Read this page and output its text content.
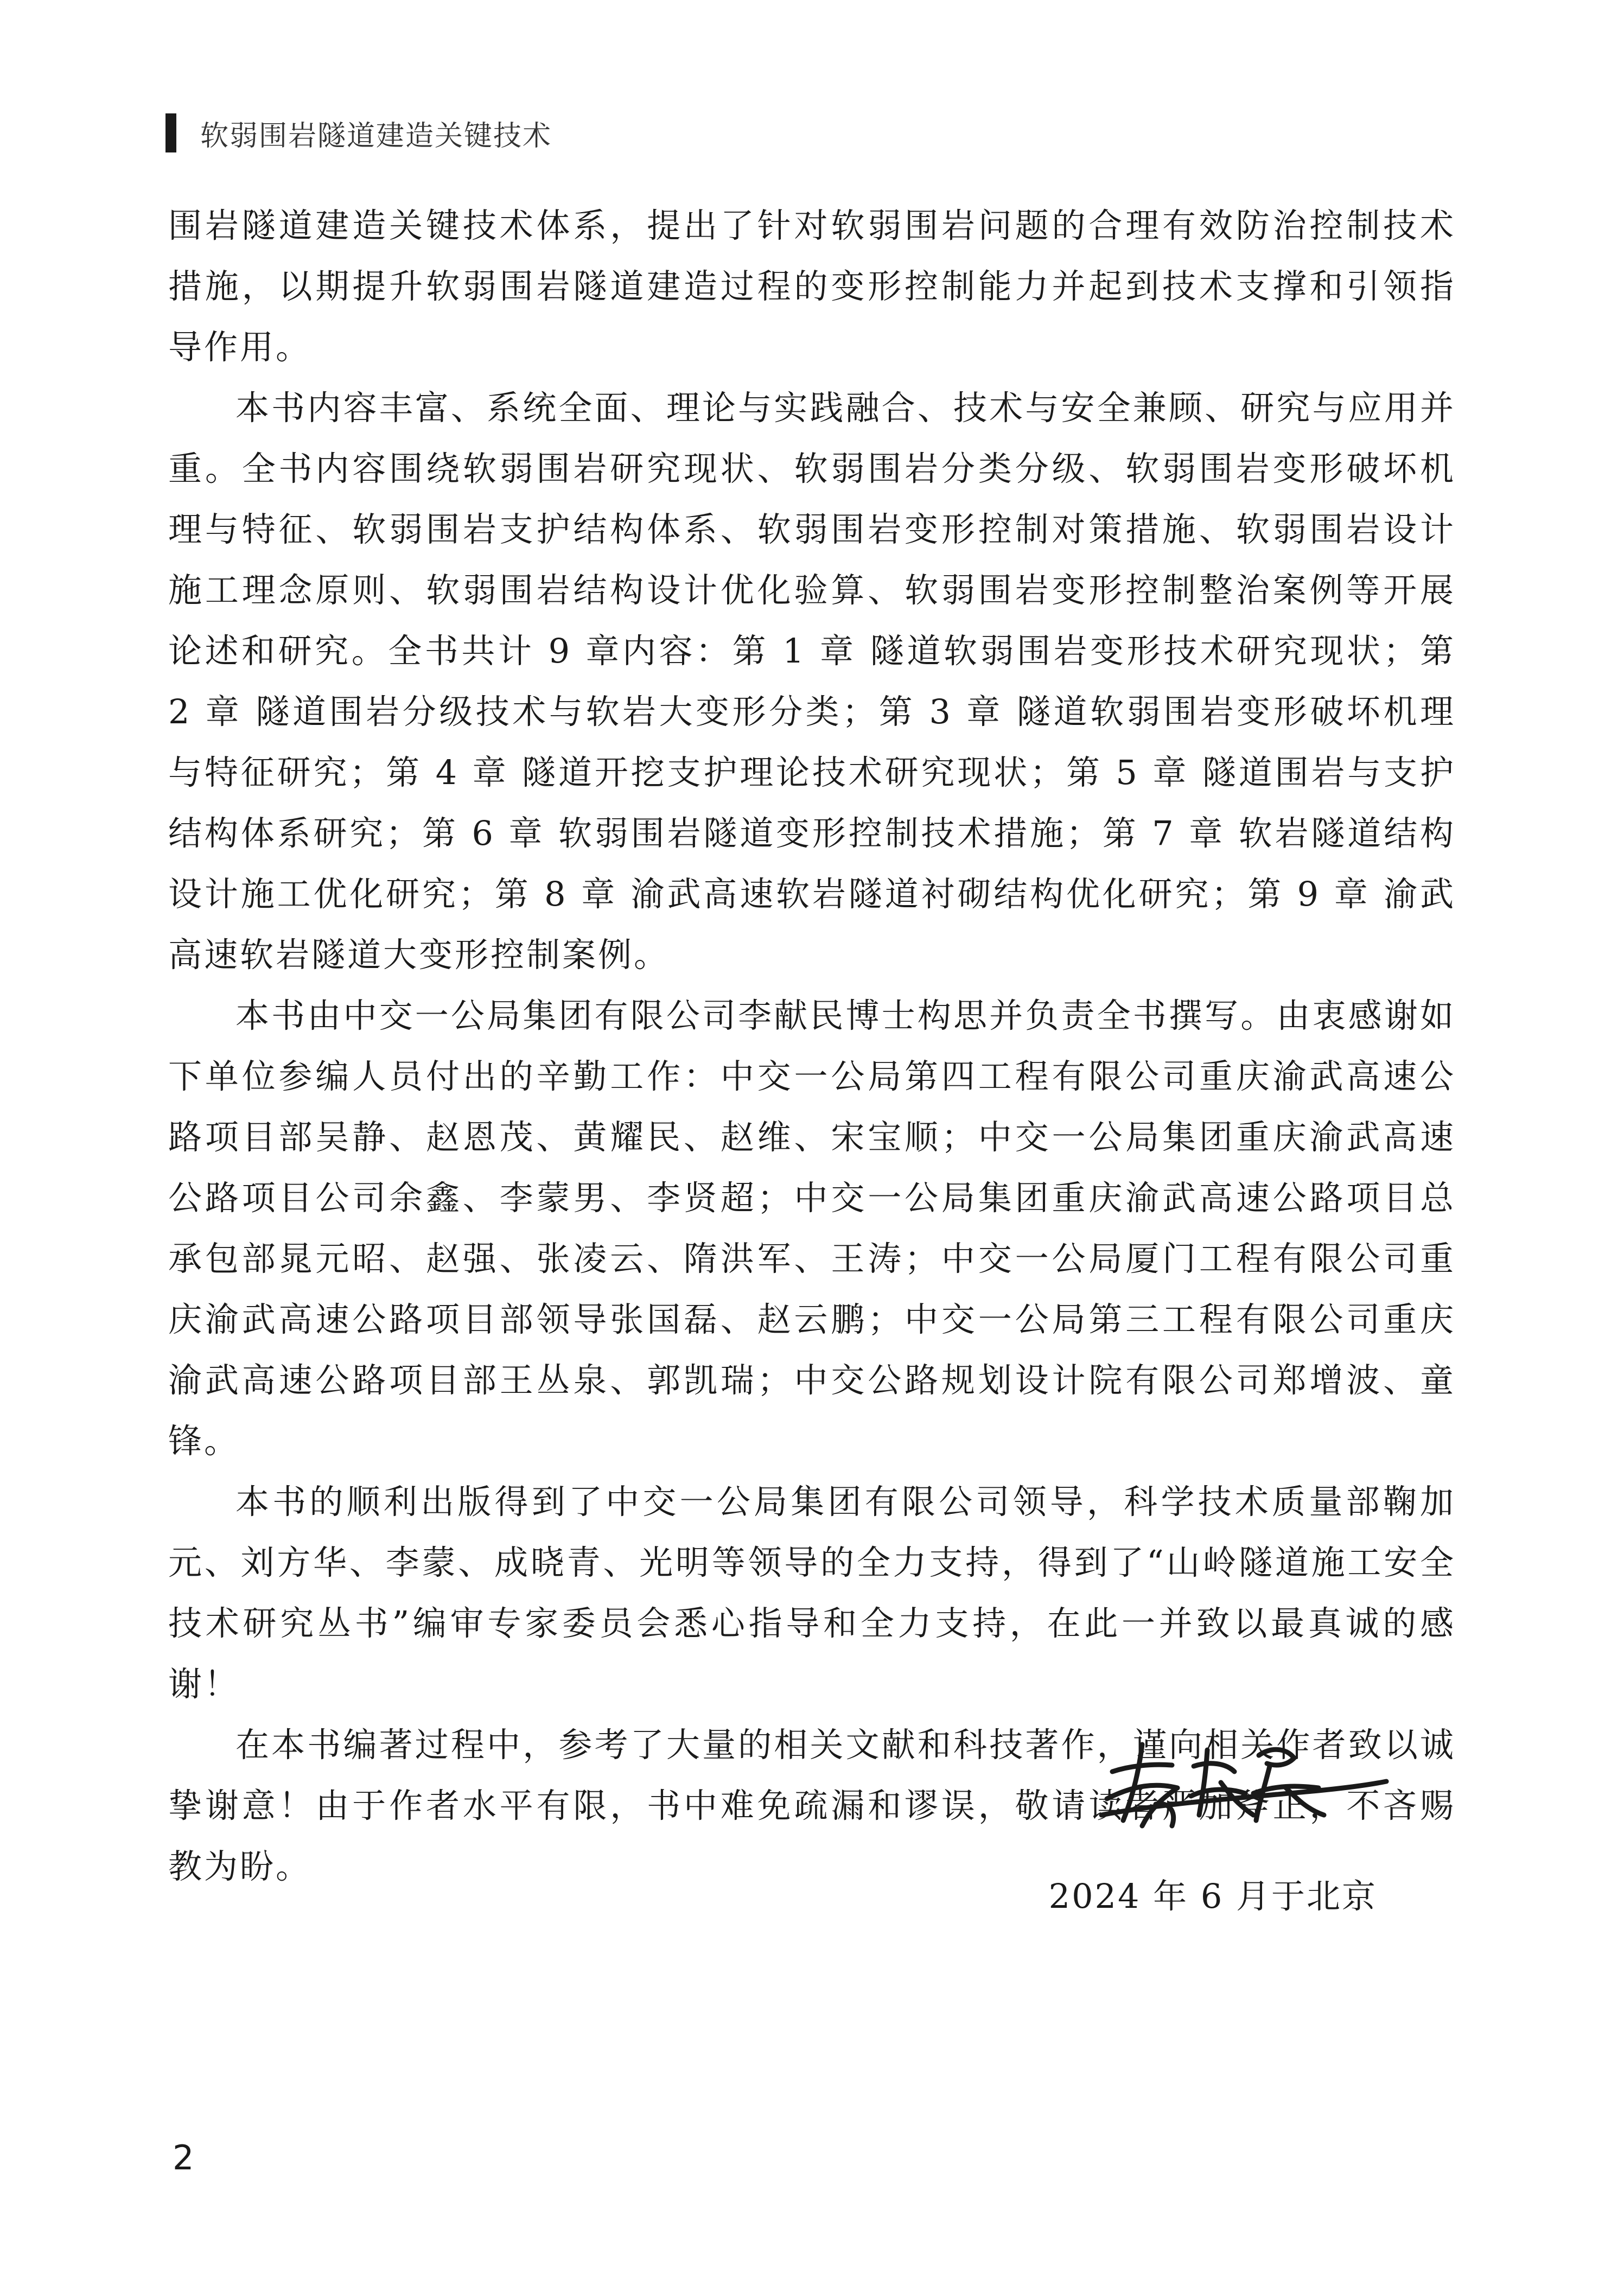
软弱围岩隧道建造关键技术

围岩隧道建造关键技术体系，提出了针对软弱围岩问题的合理有效防治控制技术措施，以期提升软弱围岩隧道建造过程的变形控制能力并起到技术支撑和引领指导作用。

本书内容丰富、系统全面、理论与实践融合、技术与安全兼顾、研究与应用并重。全书内容围绕软弱围岩研究现状、软弱围岩分类分级、软弱围岩变形破坏机理与特征、软弱围岩支护结构体系、软弱围岩变形控制对策措施、软弱围岩设计施工理念原则、软弱围岩结构设计优化验算、软弱围岩变形控制整治案例等开展论述和研究。全书共计 9 章内容：第 1 章 隧道软弱围岩变形技术研究现状；第 2 章 隧道围岩分级技术与软岩大变形分类；第 3 章 隧道软弱围岩变形破坏机理与特征研究；第 4 章 隧道开挖支护理论技术研究现状；第 5 章 隧道围岩与支护结构体系研究；第 6 章 软弱围岩隧道变形控制技术措施；第 7 章 软岩隧道结构设计施工优化研究；第 8 章 渝武高速软岩隧道衬砌结构优化研究；第 9 章 渝武高速软岩隧道大变形控制案例。

本书由中交一公局集团有限公司李献民博士构思并负责全书撰写。由衷感谢如下单位参编人员付出的辛勤工作：中交一公局第四工程有限公司重庆渝武高速公路项目部吴静、赵恩茂、黄耀民、赵维、宋宝顺；中交一公局集团重庆渝武高速公路项目公司余鑫、李蒙男、李贤超；中交一公局集团重庆渝武高速公路项目总承包部晁元昭、赵强、张凌云、隋洪军、王涛；中交一公局厦门工程有限公司重庆渝武高速公路项目部领导张国磊、赵云鹏；中交一公局第三工程有限公司重庆渝武高速公路项目部王丛泉、郭凯瑞；中交公路规划设计院有限公司郑增波、童锋。

本书的顺利出版得到了中交一公局集团有限公司领导，科学技术质量部鞠加元、刘方华、李蒙、成晓青、光明等领导的全力支持，得到了“山岭隧道施工安全技术研究丛书”编审专家委员会悉心指导和全力支持，在此一并致以最真诚的感谢！

在本书编著过程中，参考了大量的相关文献和科技著作，谨向相关作者致以诚挚谢意！由于作者水平有限，书中难免疏漏和谬误，敬请读者严加斧正，不吝赐教为盼。

2024 年 6 月于北京
2
